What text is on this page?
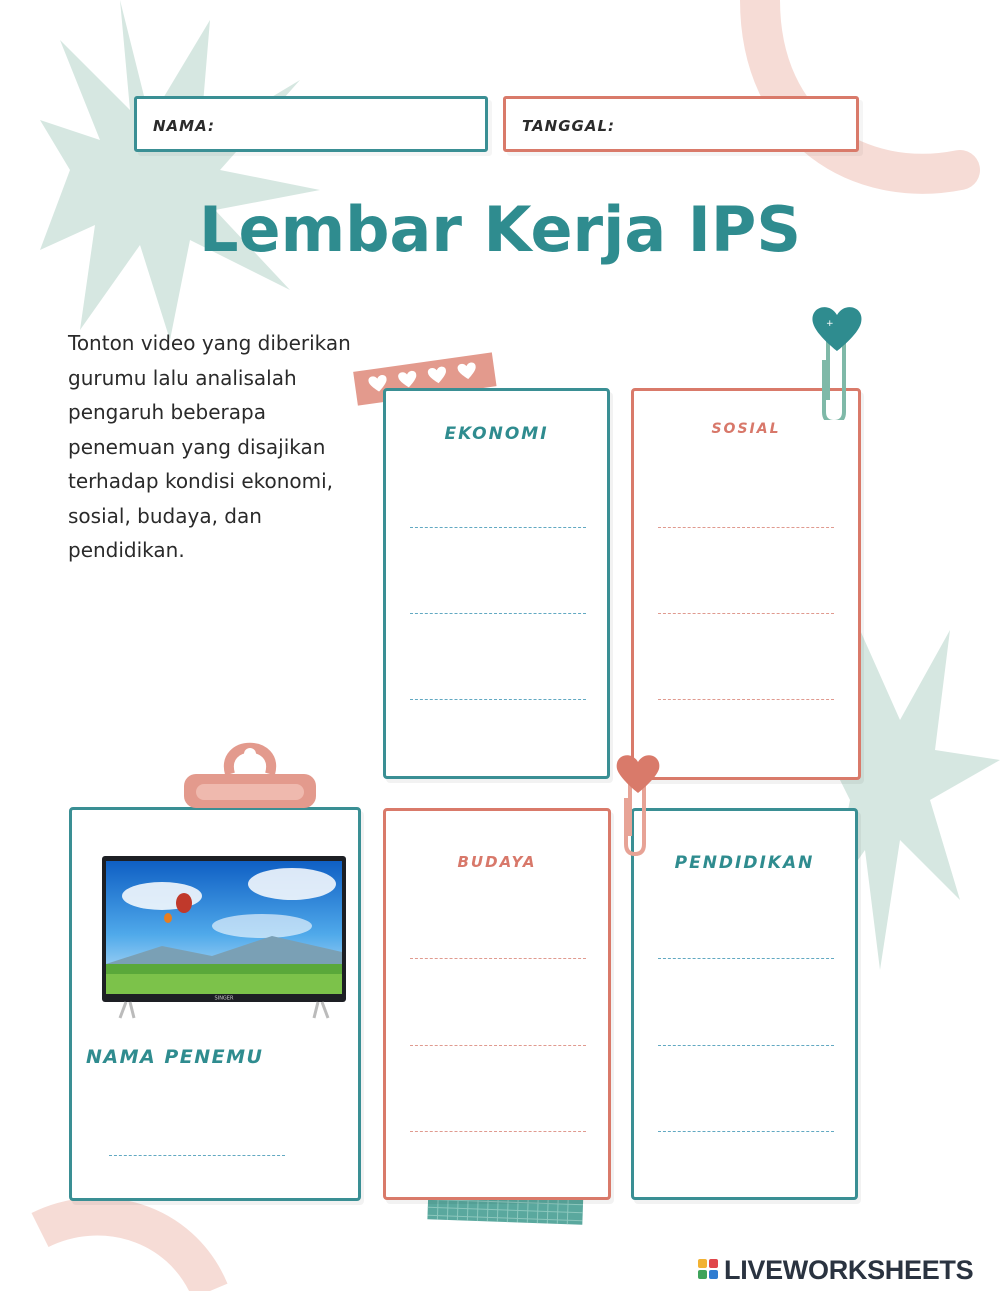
NAMA:	TANGGAL:
Lembar Kerja IPS
Tonton video yang diberikan gurumu lalu analisalah pengaruh beberapa penemuan yang disajikan terhadap kondisi ekonomi, sosial, budaya, dan pendidikan.
EKONOMI	SOSIAL
SINGER
NAMA PENEMU
BUDAYA	PENDIDIKAN
+
LIVEWORKSHEETS
